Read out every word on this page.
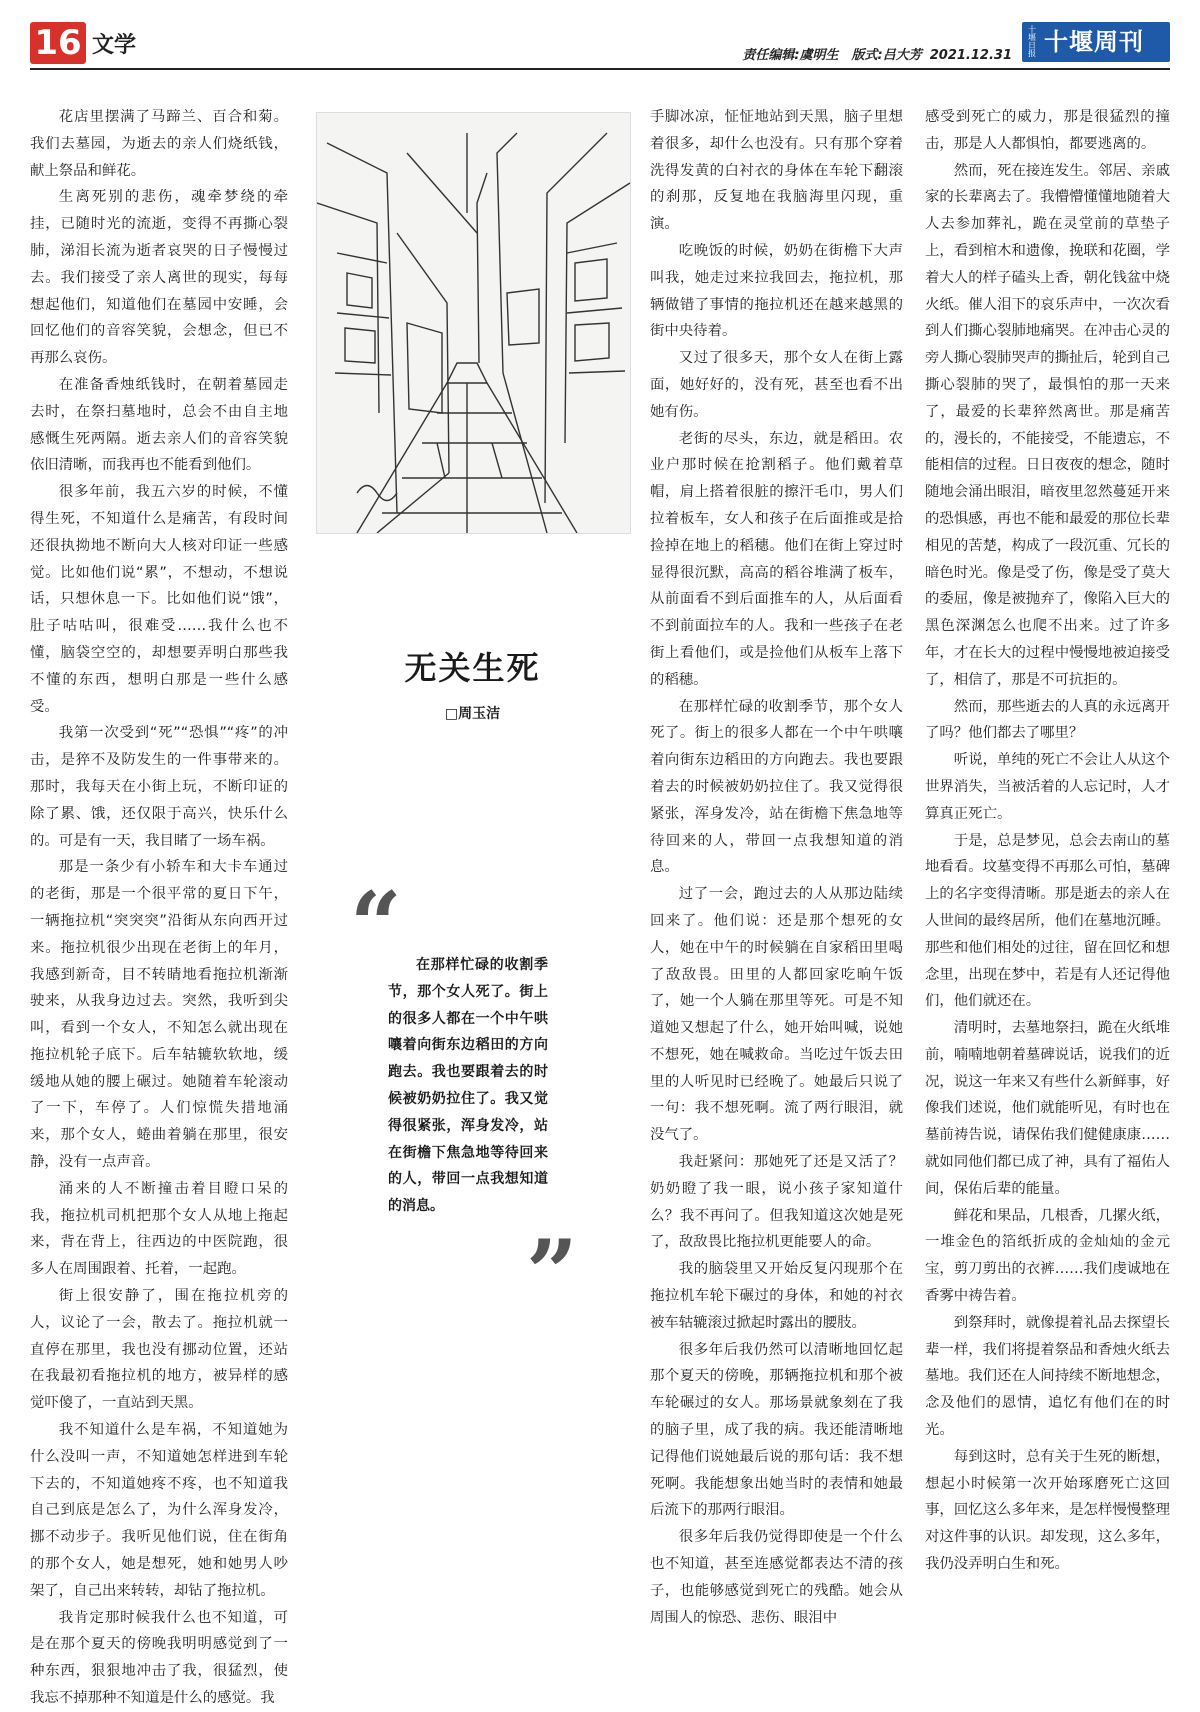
16 文学	责任编辑:虞明生　版式:吕大芳 2021.12.31
十堰日报 十堰周刊

花店里摆满了马蹄兰、百合和菊。我们去墓园，为逝去的亲人们烧纸钱，献上祭品和鲜花。

生离死别的悲伤，魂牵梦绕的牵挂，已随时光的流逝，变得不再撕心裂肺，涕泪长流为逝者哀哭的日子慢慢过去。我们接受了亲人离世的现实，每每想起他们，知道他们在墓园中安睡，会回忆他们的音容笑貌，会想念，但已不再那么哀伤。

在准备香烛纸钱时，在朝着墓园走去时，在祭扫墓地时，总会不由自主地感慨生死两隔。逝去亲人们的音容笑貌依旧清晰，而我再也不能看到他们。

很多年前，我五六岁的时候，不懂得生死，不知道什么是痛苦，有段时间还很执拗地不断向大人核对印证一些感觉。比如他们说“累”，不想动，不想说话，只想休息一下。比如他们说“饿”，肚子咕咕叫，很难受……我什么也不懂，脑袋空空的，却想要弄明白那些我不懂的东西，想明白那是一些什么感受。

我第一次受到“死”“恐惧”“疼”的冲击，是猝不及防发生的一件事带来的。那时，我每天在小街上玩，不断印证的除了累、饿，还仅限于高兴，快乐什么的。可是有一天，我目睹了一场车祸。

那是一条少有小轿车和大卡车通过的老街，那是一个很平常的夏日下午，一辆拖拉机“突突突”沿街从东向西开过来。拖拉机很少出现在老街上的年月，我感到新奇，目不转睛地看拖拉机渐渐驶来，从我身边过去。突然，我听到尖叫，看到一个女人，不知怎么就出现在拖拉机轮子底下。后车轱辘软软地，缓缓地从她的腰上碾过。她随着车轮滚动了一下，车停了。人们惊慌失措地涌来，那个女人，蜷曲着躺在那里，很安静，没有一点声音。

涌来的人不断撞击着目瞪口呆的我，拖拉机司机把那个女人从地上拖起来，背在背上，往西边的中医院跑，很多人在周围跟着、托着，一起跑。

街上很安静了，围在拖拉机旁的人，议论了一会，散去了。拖拉机就一直停在那里，我也没有挪动位置，还站在我最初看拖拉机的地方，被异样的感觉吓傻了，一直站到天黑。

我不知道什么是车祸，不知道她为什么没叫一声，不知道她怎样进到车轮下去的，不知道她疼不疼，也不知道我自己到底是怎么了，为什么浑身发冷，挪不动步子。我听见他们说，住在街角的那个女人，她是想死，她和她男人吵架了，自己出来转转，却钻了拖拉机。

我肯定那时候我什么也不知道，可是在那个夏天的傍晚我明明感觉到了一种东西，狠狠地冲击了我，很猛烈，使我忘不掉那种不知道是什么的感觉。我

无关生死
□周玉洁
“	在那样忙碌的收割季节，那个女人死了。街上的很多人都在一个中午哄嚷着向街东边稻田的方向跑去。我也要跟着去的时候被奶奶拉住了。我又觉得很紧张，浑身发冷，站在街檐下焦急地等待回来的人，带回一点我想知道的消息。

”

手脚冰凉，怔怔地站到天黑，脑子里想着很多，却什么也没有。只有那个穿着洗得发黄的白衬衣的身体在车轮下翻滚的刹那，反复地在我脑海里闪现，重演。

吃晚饭的时候，奶奶在街檐下大声叫我，她走过来拉我回去，拖拉机，那辆做错了事情的拖拉机还在越来越黑的街中央待着。

又过了很多天，那个女人在街上露面，她好好的，没有死，甚至也看不出她有伤。

老街的尽头，东边，就是稻田。农业户那时候在抢割稻子。他们戴着草帽，肩上搭着很脏的擦汗毛巾，男人们拉着板车，女人和孩子在后面推或是拾捡掉在地上的稻穗。他们在街上穿过时显得很沉默，高高的稻谷堆满了板车，从前面看不到后面推车的人，从后面看不到前面拉车的人。我和一些孩子在老街上看他们，或是捡他们从板车上落下的稻穗。

在那样忙碌的收割季节，那个女人死了。街上的很多人都在一个中午哄嚷着向街东边稻田的方向跑去。我也要跟着去的时候被奶奶拉住了。我又觉得很紧张，浑身发冷，站在街檐下焦急地等待回来的人，带回一点我想知道的消息。

过了一会，跑过去的人从那边陆续回来了。他们说：还是那个想死的女人，她在中午的时候躺在自家稻田里喝了敌敌畏。田里的人都回家吃晌午饭了，她一个人躺在那里等死。可是不知道她又想起了什么，她开始叫喊，说她不想死，她在喊救命。当吃过午饭去田里的人听见时已经晚了。她最后只说了一句：我不想死啊。流了两行眼泪，就没气了。

我赶紧问：那她死了还是又活了？奶奶瞪了我一眼，说小孩子家知道什么？我不再问了。但我知道这次她是死了，敌敌畏比拖拉机更能要人的命。

我的脑袋里又开始反复闪现那个在拖拉机车轮下碾过的身体，和她的衬衣被车轱辘滚过掀起时露出的腰肢。

很多年后我仍然可以清晰地回忆起那个夏天的傍晚，那辆拖拉机和那个被车轮碾过的女人。那场景就象刻在了我的脑子里，成了我的病。我还能清晰地记得他们说她最后说的那句话：我不想死啊。我能想象出她当时的表情和她最后流下的那两行眼泪。

很多年后我仍觉得即使是一个什么也不知道，甚至连感觉都表达不清的孩子，也能够感觉到死亡的残酷。她会从周围人的惊恐、悲伤、眼泪中

感受到死亡的威力，那是很猛烈的撞击，那是人人都惧怕，都要逃离的。

然而，死在接连发生。邻居、亲戚家的长辈离去了。我懵懵懂懂地随着大人去参加葬礼，跪在灵堂前的草垫子上，看到棺木和遗像，挽联和花圈，学着大人的样子磕头上香，朝化钱盆中烧火纸。催人泪下的哀乐声中，一次次看到人们撕心裂肺地痛哭。在冲击心灵的旁人撕心裂肺哭声的撕扯后，轮到自己撕心裂肺的哭了，最惧怕的那一天来了，最爱的长辈猝然离世。那是痛苦的，漫长的，不能接受，不能遗忘，不能相信的过程。日日夜夜的想念，随时随地会涌出眼泪，暗夜里忽然蔓延开来的恐惧感，再也不能和最爱的那位长辈相见的苦楚，构成了一段沉重、冗长的暗色时光。像是受了伤，像是受了莫大的委屈，像是被抛弃了，像陷入巨大的黑色深渊怎么也爬不出来。过了许多年，才在长大的过程中慢慢地被迫接受了，相信了，那是不可抗拒的。

然而，那些逝去的人真的永远离开了吗？他们都去了哪里？

听说，单纯的死亡不会让人从这个世界消失，当被活着的人忘记时，人才算真正死亡。

于是，总是梦见，总会去南山的墓地看看。坟墓变得不再那么可怕，墓碑上的名字变得清晰。那是逝去的亲人在人世间的最终居所，他们在墓地沉睡。那些和他们相处的过往，留在回忆和想念里，出现在梦中，若是有人还记得他们，他们就还在。

清明时，去墓地祭扫，跪在火纸堆前，喃喃地朝着墓碑说话，说我们的近况，说这一年来又有些什么新鲜事，好像我们述说，他们就能听见，有时也在墓前祷告说，请保佑我们健健康康……就如同他们都已成了神，具有了福佑人间，保佑后辈的能量。

鲜花和果品，几根香，几摞火纸，一堆金色的箔纸折成的金灿灿的金元宝，剪刀剪出的衣裤……我们虔诚地在香雾中祷告着。

到祭拜时，就像提着礼品去探望长辈一样，我们将提着祭品和香烛火纸去墓地。我们还在人间持续不断地想念，念及他们的恩情，追忆有他们在的时光。

每到这时，总有关于生死的断想，想起小时候第一次开始琢磨死亡这回事，回忆这么多年来，是怎样慢慢整理对这件事的认识。却发现，这么多年，我仍没弄明白生和死。
